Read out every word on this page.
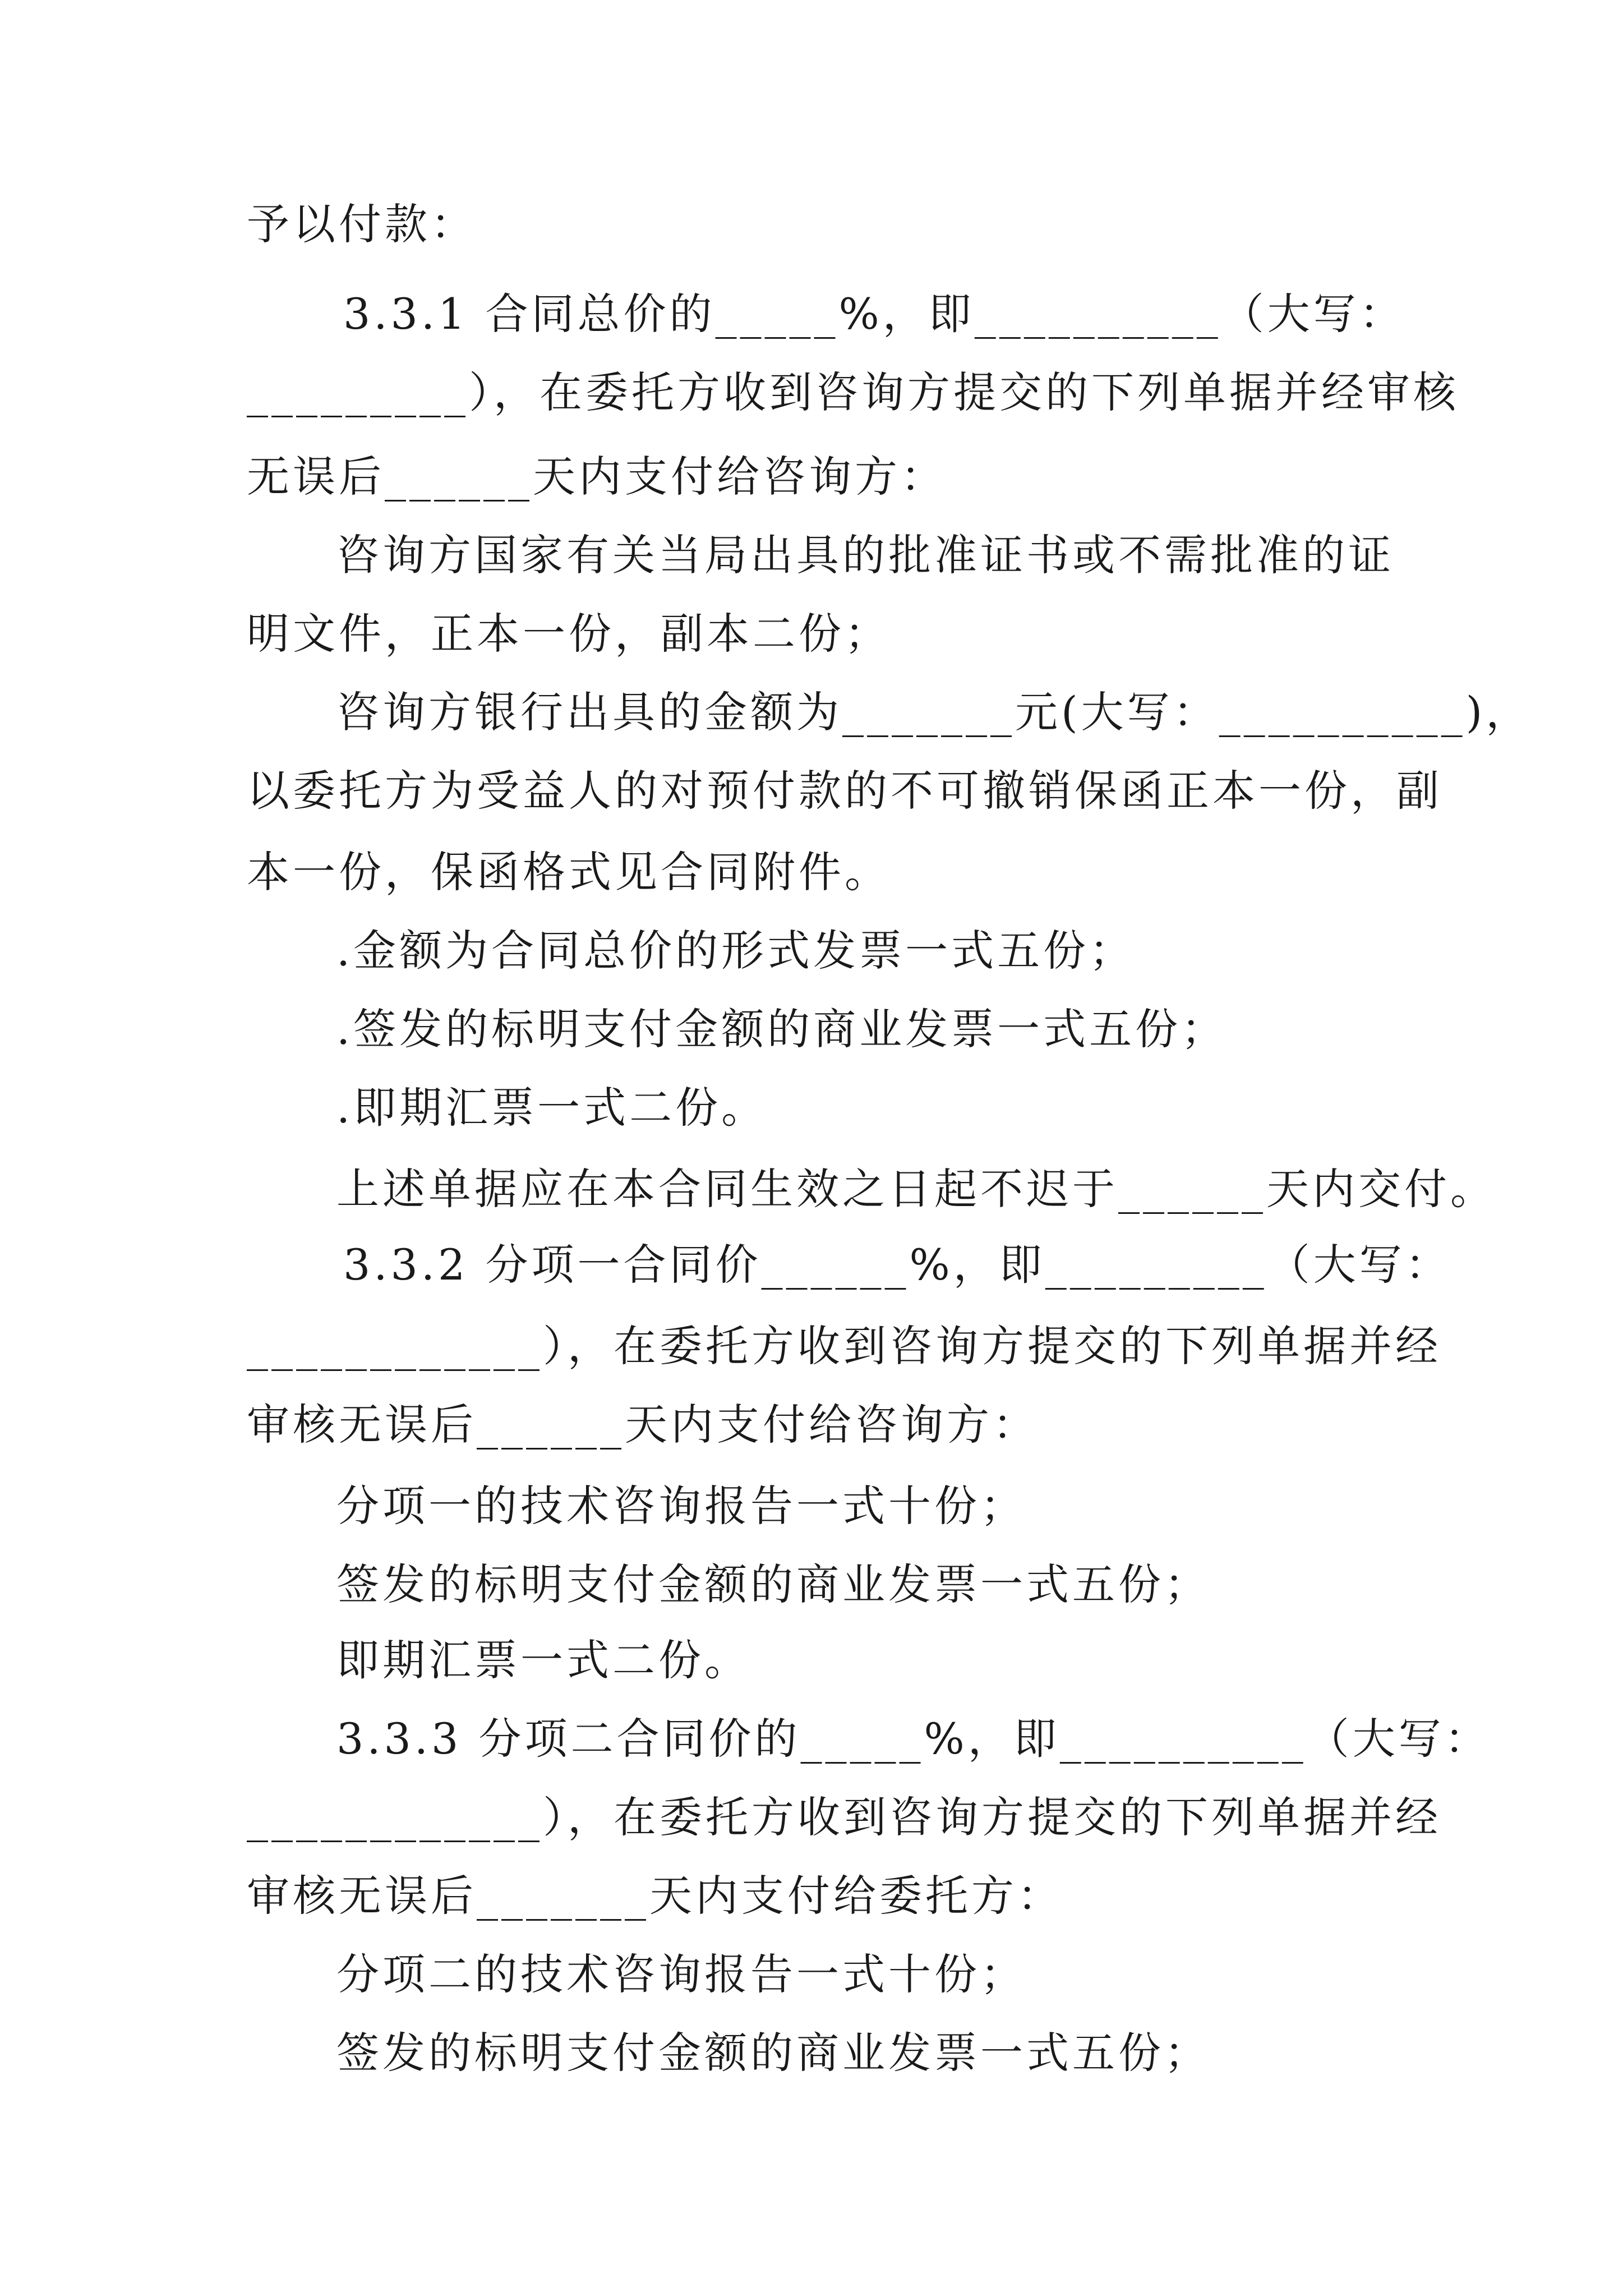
予以付款：
3.3.1 合同总价的_____%，即__________（大写：
_________），在委托方收到咨询方提交的下列单据并经审核
无误后______天内支付给咨询方：
咨询方国家有关当局出具的批准证书或不需批准的证
明文件，正本一份，副本二份；
咨询方银行出具的金额为_______元(大写：__________)，
以委托方为受益人的对预付款的不可撤销保函正本一份，副
本一份，保函格式见合同附件。
.金额为合同总价的形式发票一式五份；
.签发的标明支付金额的商业发票一式五份；
.即期汇票一式二份。
上述单据应在本合同生效之日起不迟于______天内交付。
3.3.2 分项一合同价______%，即_________（大写：
____________），在委托方收到咨询方提交的下列单据并经
审核无误后______天内支付给咨询方：
分项一的技术咨询报告一式十份；
签发的标明支付金额的商业发票一式五份；
即期汇票一式二份。
3.3.3 分项二合同价的_____%，即__________（大写：
____________），在委托方收到咨询方提交的下列单据并经
审核无误后_______天内支付给委托方：
分项二的技术咨询报告一式十份；
签发的标明支付金额的商业发票一式五份；
